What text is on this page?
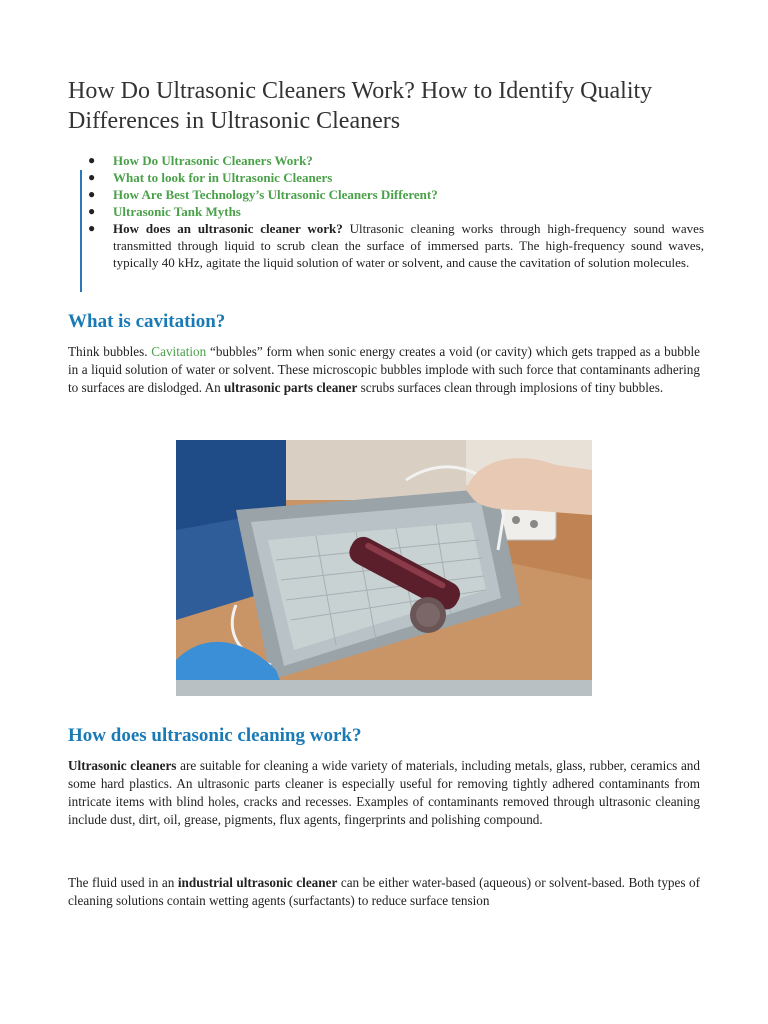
How Do Ultrasonic Cleaners Work? How to Identify Quality Differences in Ultrasonic Cleaners
● How Do Ultrasonic Cleaners Work?
● What to look for in Ultrasonic Cleaners
● How Are Best Technology’s Ultrasonic Cleaners Different?
● Ultrasonic Tank Myths
● How does an ultrasonic cleaner work? Ultrasonic cleaning works through high-frequency sound waves transmitted through liquid to scrub clean the surface of immersed parts. The high-frequency sound waves, typically 40 kHz, agitate the liquid solution of water or solvent, and cause the cavitation of solution molecules.
What is cavitation?

Think bubbles. Cavitation “bubbles” form when sonic energy creates a void (or cavity) which gets trapped as a bubble in a liquid solution of water or solvent. These microscopic bubbles implode with such force that contaminants adhering to surfaces are dislodged. An ultrasonic parts cleaner scrubs surfaces clean through implosions of tiny bubbles.

How does ultrasonic cleaning work?

Ultrasonic cleaners are suitable for cleaning a wide variety of materials, including metals, glass, rubber, ceramics and some hard plastics. An ultrasonic parts cleaner is especially useful for removing tightly adhered contaminants from intricate items with blind holes, cracks and recesses. Examples of contaminants removed through ultrasonic cleaning include dust, dirt, oil, grease, pigments, flux agents, fingerprints and polishing compound.

The fluid used in an industrial ultrasonic cleaner can be either water-based (aqueous) or solvent-based. Both types of cleaning solutions contain wetting agents (surfactants) to reduce surface tension
